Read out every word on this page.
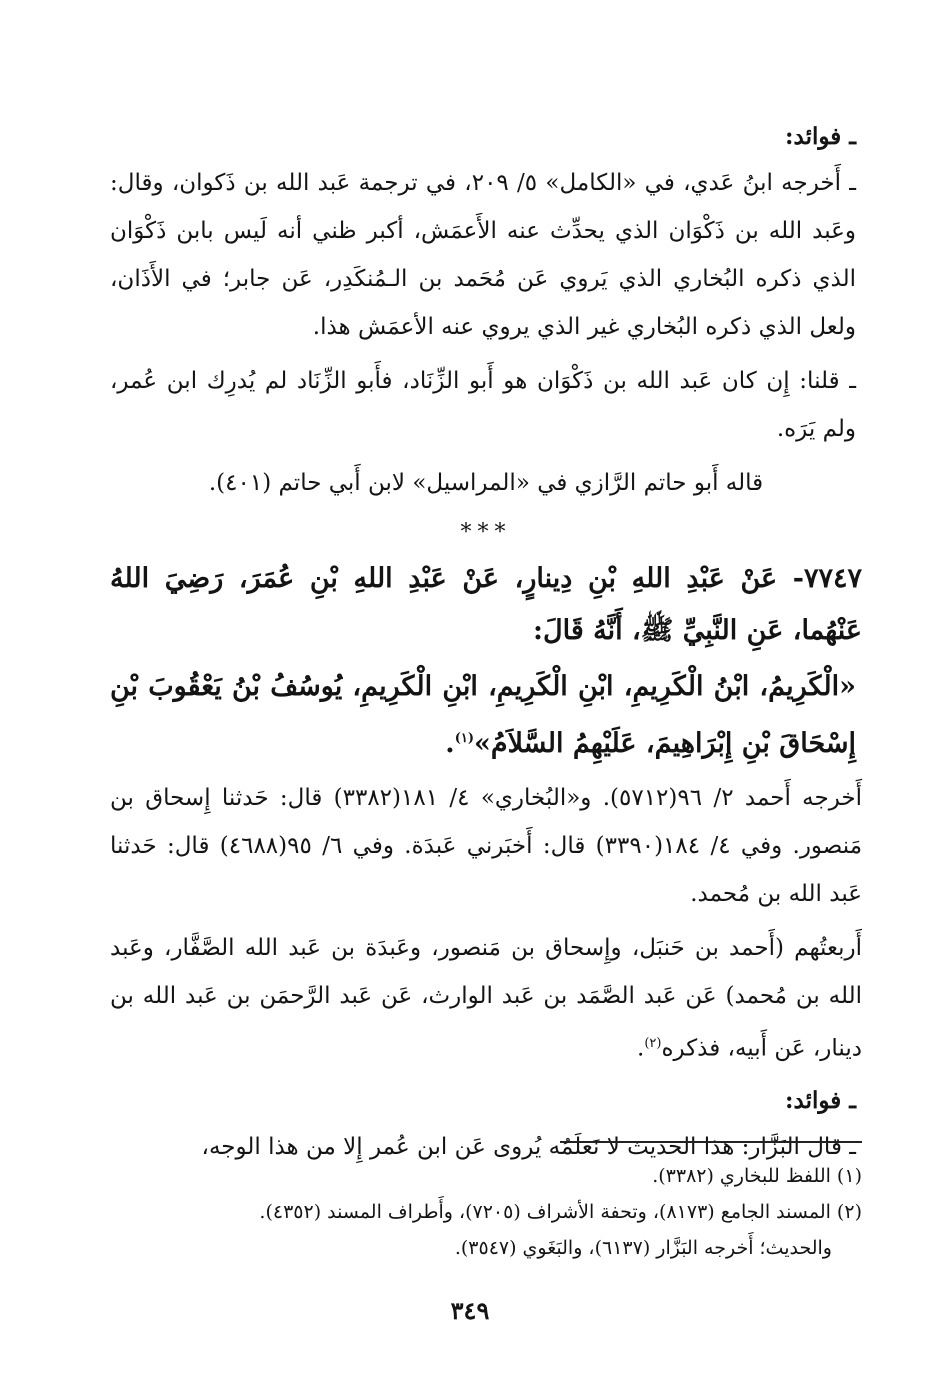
ـ فوائد:

ـ أَخرجه ابنُ عَدي، في «الكامل» ٥/ ٢٠٩، في ترجمة عَبد الله بن ذَكوان، وقال: وعَبد الله بن ذَكْوَان الذي يحدِّث عنه الأَعمَش، أكبر ظني أنه لَيس بابن ذَكْوَان الذي ذكره البُخاري الذي يَروي عَن مُحَمد بن الـمُنكَدِر، عَن جابر؛ في الأَذَان، ولعل الذي ذكره البُخاري غير الذي يروي عنه الأعمَش هذا.

ـ قلنا: إِن كان عَبد الله بن ذَكْوَان هو أَبو الزِّنَاد، فأَبو الزِّنَاد لم يُدرِك ابن عُمر، ولم يَرَه.

قاله أَبو حاتم الرَّازي في «المراسيل» لابن أَبي حاتم (٤٠١).

***

٧٧٤٧- عَنْ عَبْدِ اللهِ بْنِ دِينارٍ، عَنْ عَبْدِ اللهِ بْنِ عُمَرَ، رَضِيَ اللهُ عَنْهُما، عَنِ النَّبِيِّ ﷺ، أَنَّهُ قَالَ:

«الْكَرِيمُ، ابْنُ الْكَرِيمِ، ابْنِ الْكَرِيمِ، ابْنِ الْكَرِيمِ، يُوسُفُ بْنُ يَعْقُوبَ بْنِ إِسْحَاقَ بْنِ إِبْرَاهِيمَ، عَلَيْهِمُ السَّلاَمُ»$^{(١)}$.

أَخرجه أَحمد ٢/ ٩٦(٥٧١٢). و«البُخاري» ٤/ ١٨١(٣٣٨٢) قال: حَدثنا إِسحاق بن مَنصور. وفي ٤/ ١٨٤(٣٣٩٠) قال: أَخبَرني عَبدَة. وفي ٦/ ٩٥(٤٦٨٨) قال: حَدثنا عَبد الله بن مُحمد.

أَربعتُهم (أَحمد بن حَنبَل، وإِسحاق بن مَنصور، وعَبدَة بن عَبد الله الصَّفَّار، وعَبد الله بن مُحمد) عَن عَبد الصَّمَد بن عَبد الوارث، عَن عَبد الرَّحمَن بن عَبد الله بن دينار، عَن أَبيه، فذكره$^{(٢)}$.

ـ فوائد:

ـ قال البَزَّار: هذا الحديث لا نَعلَمُه يُروى عَن ابن عُمر إِلا من هذا الوجه،

(١) اللفظ للبخاري (٣٣٨٢).

(٢) المسند الجامع (٨١٧٣)، وتحفة الأشراف (٧٢٠٥)، وأَطراف المسند (٤٣٥٢).

والحديث؛ أَخرجه البَزَّار (٦١٣٧)، والبَغَوي (٣٥٤٧).

٣٤٩
